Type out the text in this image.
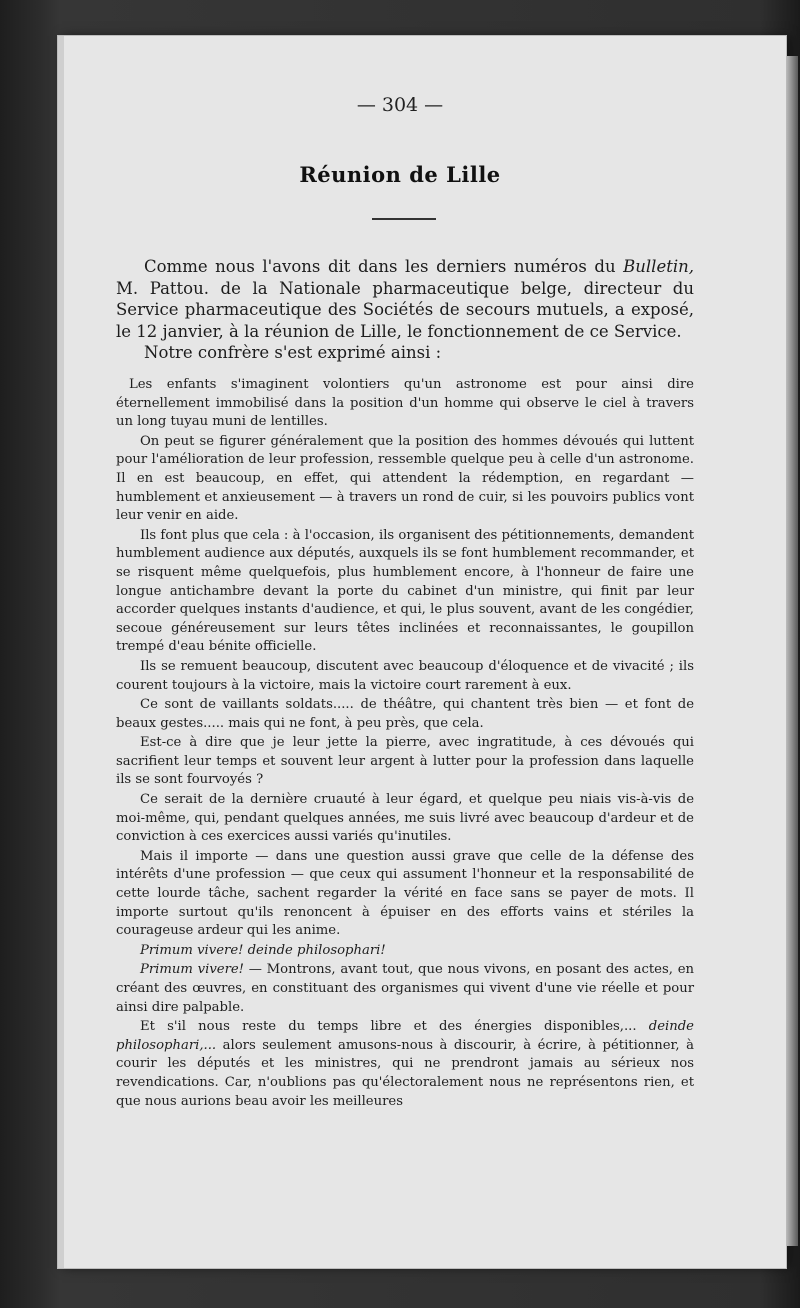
— 304 —
Réunion de Lille

Comme nous l'avons dit dans les derniers numéros du Bulletin, M. Pattou. de la Nationale pharmaceutique belge, directeur du Service pharmaceutique des Sociétés de secours mutuels, a exposé, le 12 janvier, à la réunion de Lille, le fonctionnement de ce Service.

Notre confrère s'est exprimé ainsi :

Les enfants s'imaginent volontiers qu'un astronome est pour ainsi dire éternellement immobilisé dans la position d'un homme qui observe le ciel à travers un long tuyau muni de lentilles.

On peut se figurer généralement que la position des hommes dévoués qui luttent pour l'amélioration de leur profession, ressemble quelque peu à celle d'un astronome. Il en est beaucoup, en effet, qui attendent la rédemption, en regardant — humblement et anxieusement — à travers un rond de cuir, si les pouvoirs publics vont leur venir en aide.

Ils font plus que cela : à l'occasion, ils organisent des pétitionnements, demandent humblement audience aux députés, auxquels ils se font humblement recommander, et se risquent même quelquefois, plus humblement encore, à l'honneur de faire une longue antichambre devant la porte du cabinet d'un ministre, qui finit par leur accorder quelques instants d'audience, et qui, le plus souvent, avant de les congédier, secoue généreusement sur leurs têtes inclinées et reconnaissantes, le goupillon trempé d'eau bénite officielle.

Ils se remuent beaucoup, discutent avec beaucoup d'éloquence et de vivacité ; ils courent toujours à la victoire, mais la victoire court rarement à eux.

Ce sont de vaillants soldats..... de théâtre, qui chantent très bien — et font de beaux gestes..... mais qui ne font, à peu près, que cela.

Est-ce à dire que je leur jette la pierre, avec ingratitude, à ces dévoués qui sacrifient leur temps et souvent leur argent à lutter pour la profession dans laquelle ils se sont fourvoyés ?

Ce serait de la dernière cruauté à leur égard, et quelque peu niais vis-à-vis de moi-même, qui, pendant quelques années, me suis livré avec beaucoup d'ardeur et de conviction à ces exercices aussi variés qu'inutiles.

Mais il importe — dans une question aussi grave que celle de la défense des intérêts d'une profession — que ceux qui assument l'honneur et la responsabilité de cette lourde tâche, sachent regarder la vérité en face sans se payer de mots. Il importe surtout qu'ils renoncent à épuiser en des efforts vains et stériles la courageuse ardeur qui les anime.

Primum vivere! deinde philosophari!

Primum vivere! — Montrons, avant tout, que nous vivons, en posant des actes, en créant des œuvres, en constituant des organismes qui vivent d'une vie réelle et pour ainsi dire palpable.

Et s'il nous reste du temps libre et des énergies disponibles,... deinde philosophari,... alors seulement amusons-nous à discourir, à écrire, à pétitionner, à courir les députés et les ministres, qui ne prendront jamais au sérieux nos revendications. Car, n'oublions pas qu'électoralement nous ne représentons rien, et que nous aurions beau avoir les meilleures
